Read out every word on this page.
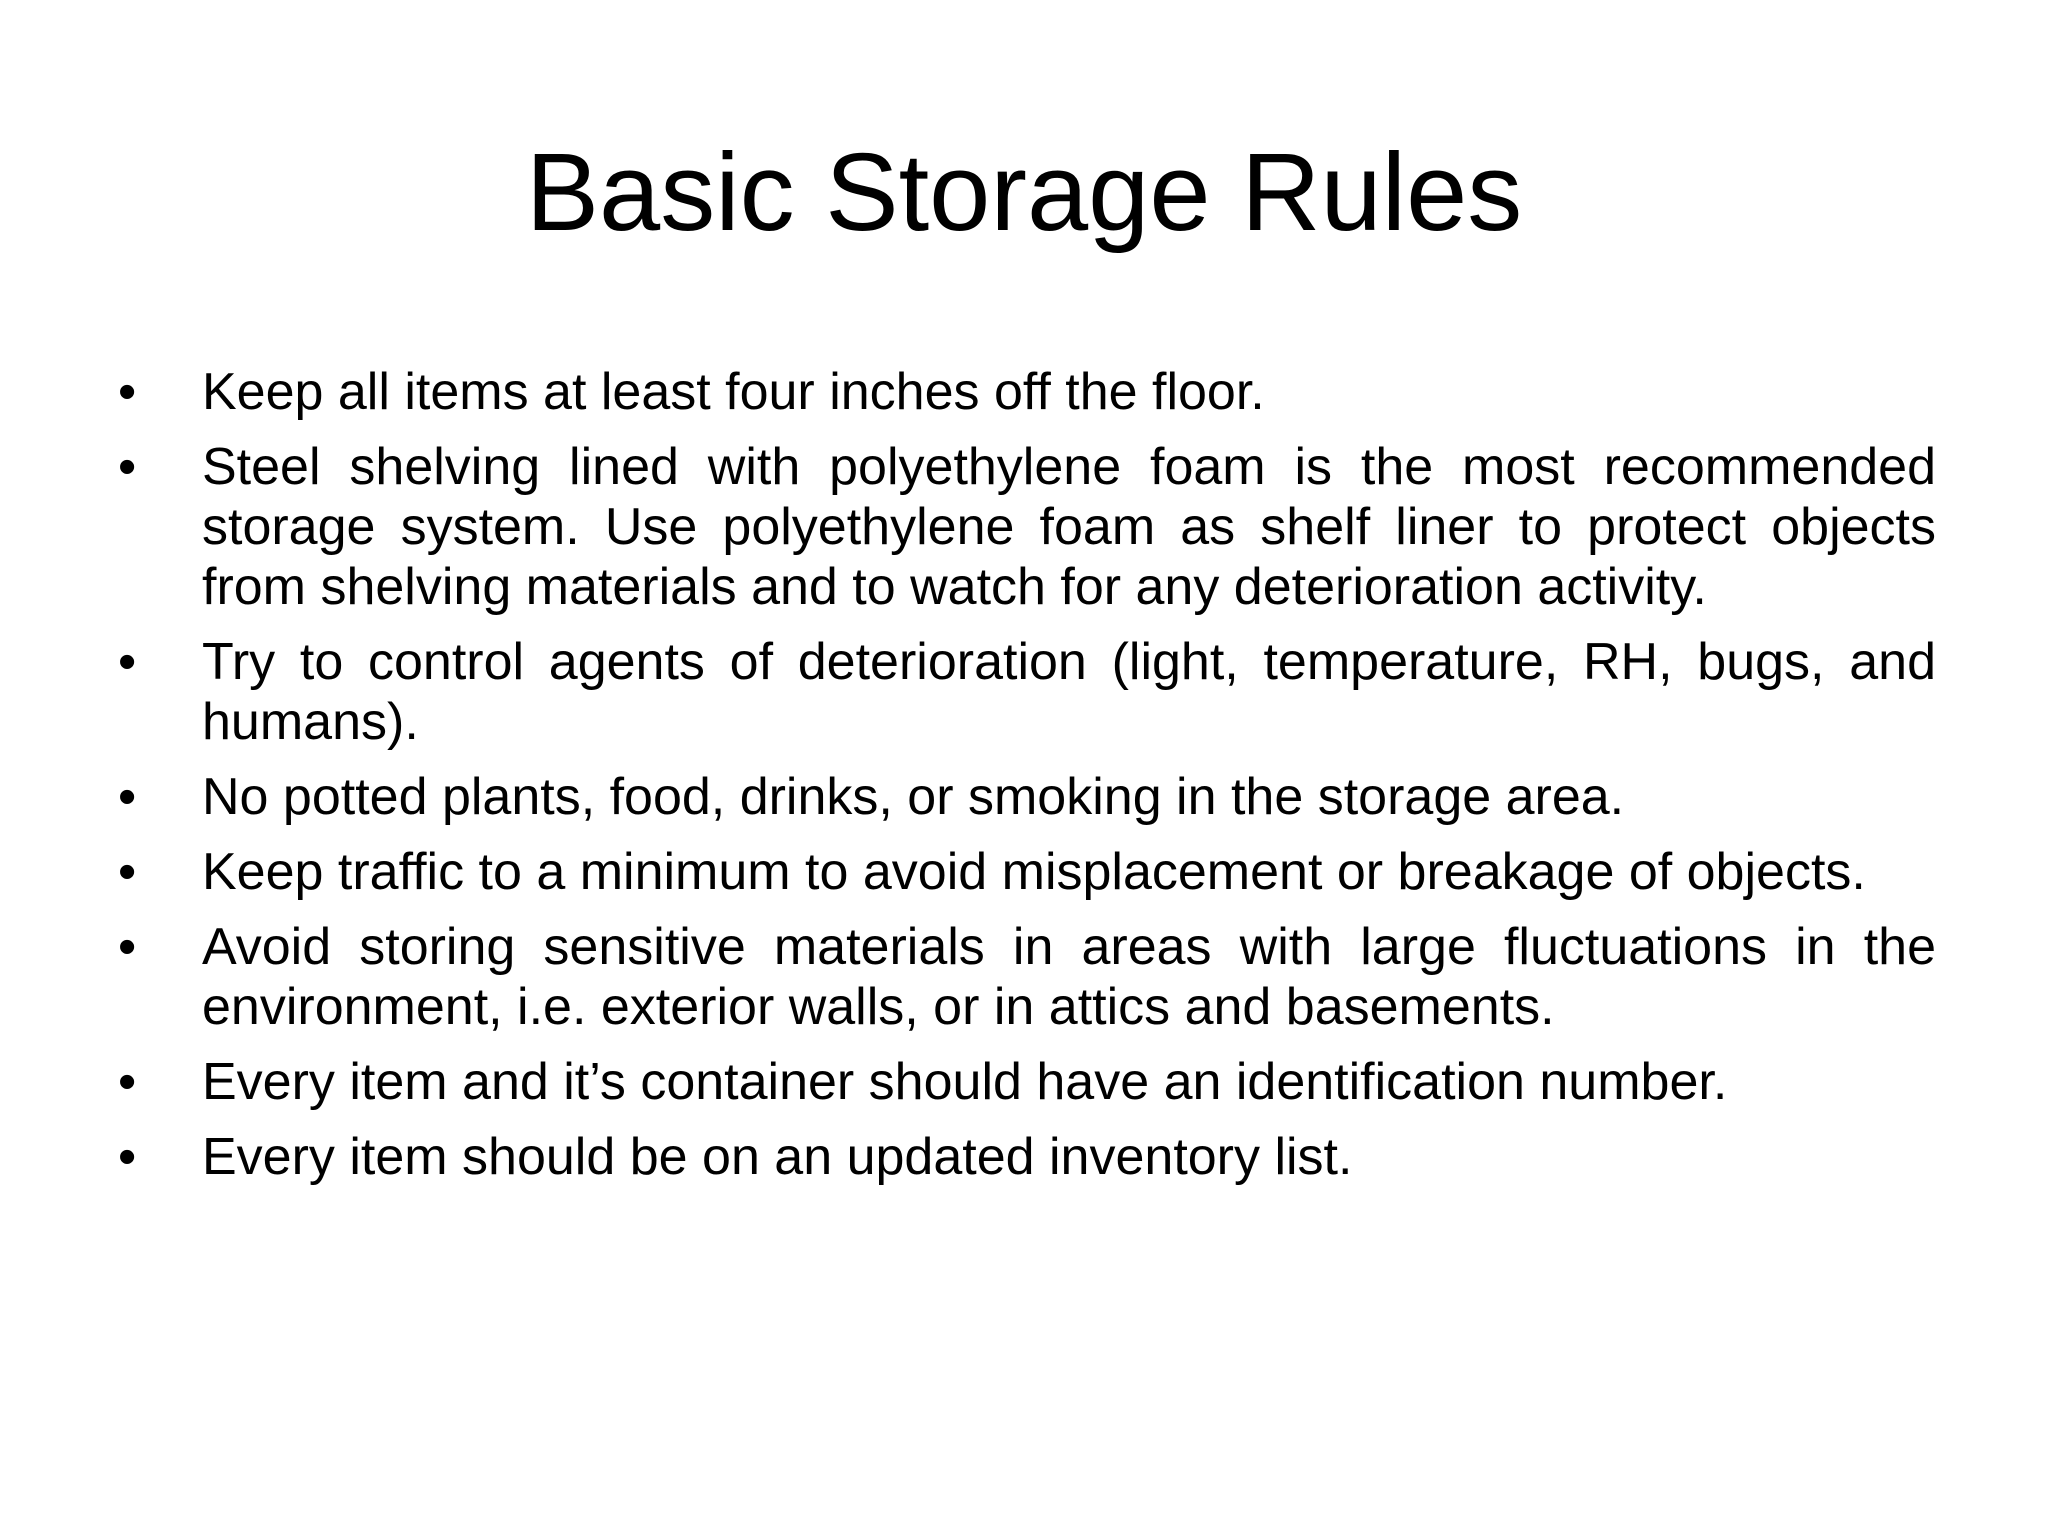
Basic Storage Rules
•	Keep all items at least four inches off the floor.
•	Steel shelving lined with polyethylene foam is the most recommended storage system. Use polyethylene foam as shelf liner to protect objects from shelving materials and to watch for any deterioration activity.
•	Try to control agents of deterioration (light, temperature, RH, bugs, and humans).
•	No potted plants, food, drinks, or smoking in the storage area.
•	Keep traffic to a minimum to avoid misplacement or breakage of objects.
•	Avoid storing sensitive materials in areas with large fluctuations in the environment, i.e. exterior walls, or in attics and basements.
•	Every item and it’s container should have an identification number.
•	Every item should be on an updated inventory list.
